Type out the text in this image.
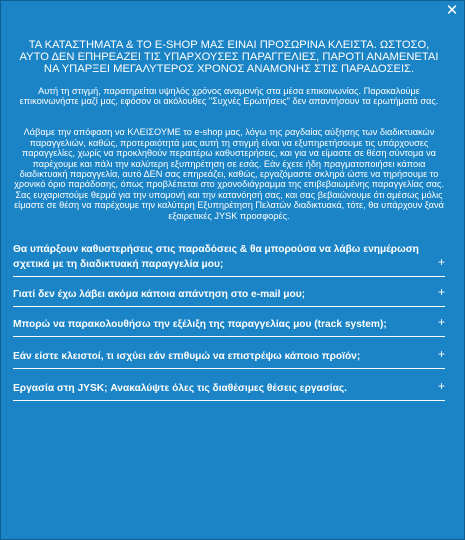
✕
ΤΑ ΚΑΤΑΣΤΗΜΑΤΑ & ΤΟ E-SHOP ΜΑΣ ΕΙΝΑΙ ΠΡΟΣΩΡΙΝΑ ΚΛΕΙΣΤΑ. ΩΣΤΟΣΟ, ΑΥΤΟ ΔΕΝ ΕΠΗΡΕΑΖΕΙ ΤΙΣ ΥΠΑΡΧΟΥΣΕΣ ΠΑΡΑΓΓΕΛΙΕΣ, ΠΑΡΟΤΙ ΑΝΑΜΕΝΕΤΑΙ ΝΑ ΥΠΑΡΞΕΙ ΜΕΓΑΛΥΤΕΡΟΣ ΧΡΟΝΟΣ ΑΝΑΜΟΝΗΣ ΣΤΙΣ ΠΑΡΑΔΟΣΕΙΣ.

Αυτή τη στιγμή, παρατηρείται υψηλός χρόνος αναμονής στα μέσα επικοινωνίας. Παρακαλούμε επικοινωνήστε μαζί μας, εφόσον οι ακόλουθες "Συχνές Ερωτήσεις" δεν απαντήσουν τα ερωτήματά σας.

Λάβαμε την απόφαση να ΚΛΕΙΣΟΥΜΕ το e-shop μας, λόγω της ραγδαίας αύξησης των διαδικτυακών παραγγελιών, καθώς, προτεραιότητά μας αυτή τη στιγμή είναι να εξυπηρετήσουμε τις υπάρχουσες παραγγελίες, χωρίς να προκληθούν περαιτέρω καθυστερήσεις, και για να είμαστε σε θέση σύντομα να παρέχουμε και πάλι την καλύτερη εξυπηρέτηση σε εσάς. Εάν έχετε ήδη πραγματοποιήσει κάποια διαδικτυακή παραγγελία, αυτό ΔΕΝ σας επηρεάζει, καθώς, εργαζόμαστε σκληρά ώστε να τηρήσουμε το χρονικό όριο παράδοσης, όπως προβλέπεται στο χρονοδιάγραμμα της επιβεβαιωμένης παραγγελίας σας. Σας ευχαριστούμε θερμά για την υπομονή και την κατανόησή σας, και σας βεβαιώνουμε ότι αμέσως μόλις είμαστε σε θέση να παρέχουμε την καλύτερη Εξυπηρέτηση Πελατών διαδικτυακά, τότε, θα υπάρχουν ξανά εξαιρετικές JYSK προσφορές.

Θα υπάρξουν καθυστερήσεις στις παραδόσεις & θα μπορούσα να λάβω ενημέρωση σχετικά με τη διαδικτυακή παραγγελία μου;	+
Γιατί δεν έχω λάβει ακόμα κάποια απάντηση στο e-mail μου;	+
Μπορώ να παρακολουθήσω την εξέλιξη της παραγγελίας μου (track system);	+
Εάν είστε κλειστοί, τι ισχύει εάν επιθυμώ να επιστρέψω κάποιο προϊόν;	+
Εργασία στη JYSK; Ανακαλύψτε όλες τις διαθέσιμες θέσεις εργασίας.	+
